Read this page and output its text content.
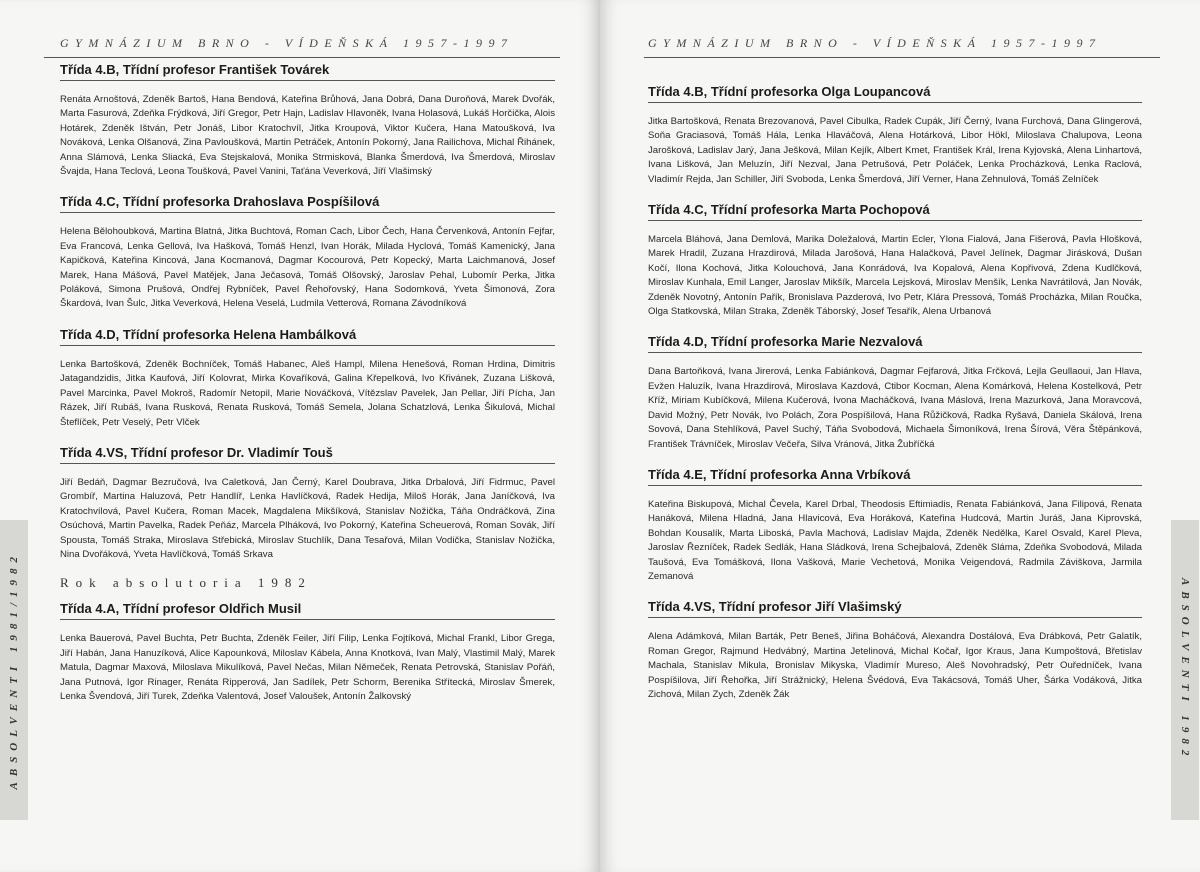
GYMNÁZIUM BRNO - VÍDEŇSKÁ 1957-1997
ABSOLVENTI 1981/1982
Třída 4.B, Třídní profesor František Továrek
Renáta Arnoštová, Zdeněk Bartoš, Hana Bendová, Kateřina Brůhová, Jana Dobrá, Dana Duroňová, Marek Dvořák, Marta Fasurová, Zdeňka Frýdková, Jiří Gregor, Petr Hajn, Ladislav Hlavoněk, Ivana Holasová, Lukáš Horčička, Alois Hotárek, Zdeněk Ištván, Petr Jonáš, Libor Kratochvíl, Jitka Kroupová, Viktor Kučera, Hana Matoušková, Iva Nováková, Lenka Olšanová, Zina Pavloušková, Martin Petráček, Antonín Pokorný, Jana Railichova, Michal Řihánek, Anna Slámová, Lenka Sliacká, Eva Stejskalová, Monika Strmisková, Blanka Šmerdová, Iva Šmerdová, Miroslav Švajda, Hana Teclová, Leona Toušková, Pavel Vanini, Taťána Veverková, Jiří Vlašimský
Třída 4.C, Třídní profesorka Drahoslava Pospíšilová
Helena Bělohoubková, Martina Blatná, Jitka Buchtová, Roman Cach, Libor Čech, Hana Červenková, Antonín Fejfar, Eva Francová, Lenka Gellová, Iva Hašková, Tomáš Henzl, Ivan Horák, Milada Hyclová, Tomáš Kamenický, Jana Kapičková, Kateřina Kincová, Jana Kocmanová, Dagmar Kocourová, Petr Kopecký, Marta Laichmanová, Josef Marek, Hana Mášová, Pavel Matějek, Jana Ječasová, Tomáš Olšovský, Jaroslav Pehal, Lubomír Perka, Jitka Poláková, Simona Prušová, Ondřej Rybníček, Pavel Řehořovský, Hana Sodomková, Yveta Šimonová, Zora Škardová, Ivan Šulc, Jitka Veverková, Helena Veselá, Ludmila Vetterová, Romana Závodníková
Třída 4.D, Třídní profesorka Helena Hambálková
Lenka Bartošková, Zdeněk Bochníček, Tomáš Habanec, Aleš Hampl, Milena Henešová, Roman Hrdina, Dimitris Jatagandzidis, Jitka Kaufová, Jiří Kolovrat, Mirka Kovaříková, Galina Křepelková, Ivo Křivánek, Zuzana Lišková, Pavel Marcinka, Pavel Mokroš, Radomír Netopil, Marie Nováčková, Vítězslav Pavelek, Jan Pellar, Jiří Pícha, Jan Rázek, Jiří Rubáš, Ivana Rusková, Renata Rusková, Tomáš Semela, Jolana Schatzlová, Lenka Šikulová, Michal Šteflíček, Petr Veselý, Petr Vlček
Třída 4.VS, Třídní profesor Dr. Vladimír Touš
Jiří Bedáň, Dagmar Bezručová, Iva Caletková, Jan Černý, Karel Doubrava, Jitka Drbalová, Jiří Fidrmuc, Pavel Grombíř, Martina Haluzová, Petr Handlíř, Lenka Havlíčková, Radek Hedija, Miloš Horák, Jana Janíčková, Iva Kratochvílová, Pavel Kučera, Roman Macek, Magdalena Mikšíková, Stanislav Nožička, Táňa Ondráčková, Zina Osúchová, Martin Pavelka, Radek Peňáz, Marcela Plháková, Ivo Pokorný, Kateřina Scheuerová, Roman Sovák, Jiří Spousta, Tomáš Straka, Miroslava Střebická, Miroslav Stuchlík, Dana Tesařová, Milan Vodička, Stanislav Nožička, Nina Dvořáková, Yveta Havlíčková, Tomáš Srkava
Rok absolutoria 1982
Třída 4.A, Třídní profesor Oldřich Musil
Lenka Bauerová, Pavel Buchta, Petr Buchta, Zdeněk Feiler, Jiří Filip, Lenka Fojtíková, Michal Frankl, Libor Grega, Jiří Habán, Jana Hanuzíková, Alice Kapounková, Miloslav Kábela, Anna Knotková, Ivan Malý, Vlastimil Malý, Marek Matula, Dagmar Maxová, Miloslava Mikulíková, Pavel Nečas, Milan Němeček, Renata Petrovská, Stanislav Pořáň, Jana Putnová, Igor Rinager, Renáta Ripperová, Jan Sadílek, Petr Schorm, Berenika Střítecká, Miroslav Šmerek, Lenka Švendová, Jiří Turek, Zdeňka Valentová, Josef Valoušek, Antonín Žalkovský
GYMNÁZIUM BRNO - VÍDEŇSKÁ 1957-1997
ABSOLVENTI 1982
Třída 4.B, Třídní profesorka Olga Loupancová
Jitka Bartošková, Renata Brezovanová, Pavel Cibulka, Radek Cupák, Jiří Černý, Ivana Furchová, Dana Glingerová, Soňa Graciasová, Tomáš Hála, Lenka Hlaváčová, Alena Hotárková, Libor Hökl, Miloslava Chalupova, Leona Jarošková, Ladislav Jarý, Jana Ješková, Milan Kejík, Albert Kmet, František Král, Irena Kyjovská, Alena Linhartová, Ivana Lišková, Jan Meluzín, Jiří Nezval, Jana Petrušová, Petr Poláček, Lenka Procházková, Lenka Raclová, Vladimír Rejda, Jan Schiller, Jiří Svoboda, Lenka Šmerdová, Jiří Verner, Hana Zehnulová, Tomáš Zelníček
Třída 4.C, Třídní profesorka Marta Pochopová
Marcela Bláhová, Jana Demlová, Marika Doležalová, Martin Ecler, Ylona Fialová, Jana Fišerová, Pavla Hlošková, Marek Hradil, Zuzana Hrazdirová, Milada Jarošová, Hana Halačková, Pavel Jelínek, Dagmar Jirásková, Dušan Kočí, Ilona Kochová, Jitka Kolouchová, Jana Konrádová, Iva Kopalová, Alena Kopřivová, Zdena Kudlčková, Miroslav Kunhala, Emil Langer, Jaroslav Mikšík, Marcela Lejsková, Miroslav Menšík, Lenka Navrátilová, Jan Novák, Zdeněk Novotný, Antonín Pařík, Bronislava Pazderová, Ivo Petr, Klára Pressová, Tomáš Procházka, Milan Roučka, Olga Statkovská, Milan Straka, Zdeněk Táborský, Josef Tesařík, Alena Urbanová
Třída 4.D, Třídní profesorka Marie Nezvalová
Dana Bartoňková, Ivana Jirerová, Lenka Fabiánková, Dagmar Fejfarová, Jitka Frčková, Lejla Geullaoui, Jan Hlava, Evžen Haluzík, Ivana Hrazdirová, Miroslava Kazdová, Ctibor Kocman, Alena Komárková, Helena Kostelková, Petr Kříž, Miriam Kubíčková, Milena Kučerová, Ivona Macháčková, Ivana Máslová, Irena Mazurková, Jana Moravcová, David Možný, Petr Novák, Ivo Polách, Zora Pospíšilová, Hana Růžičková, Radka Ryšavá, Daniela Skálová, Irena Sovová, Dana Stehlíková, Pavel Suchý, Táňa Svobodová, Michaela Šimoníková, Irena Šírová, Věra Štěpánková, František Trávníček, Miroslav Večeřa, Silva Vránová, Jitka Žubříčká
Třída 4.E, Třídní profesorka Anna Vrbíková
Kateřina Biskupová, Michal Čevela, Karel Drbal, Theodosis Eftimiadis, Renata Fabiánková, Jana Filipová, Renata Hanáková, Milena Hladná, Jana Hlavicová, Eva Horáková, Kateřina Hudcová, Martin Juráš, Jana Kiprovská, Bohdan Kousalík, Marta Liboská, Pavla Machová, Ladislav Majda, Zdeněk Nedělka, Karel Osvald, Karel Pleva, Jaroslav Řezníček, Radek Sedlák, Hana Sládková, Irena Schejbalová, Zdeněk Sláma, Zdeňka Svobodová, Milada Taušová, Eva Tomášková, Ilona Vašková, Marie Vechetová, Monika Veigendová, Radmila Záviškova, Jarmila Zemanová
Třída 4.VS, Třídní profesor Jiří Vlašimský
Alena Adámková, Milan Barták, Petr Beneš, Jiřina Boháčová, Alexandra Dostálová, Eva Drábková, Petr Galatík, Roman Gregor, Rajmund Hedvábný, Martina Jetelinová, Michal Kočař, Igor Kraus, Jana Kumpoštová, Břetislav Machala, Stanislav Mikula, Bronislav Mikyska, Vladimír Mureso, Aleš Novohradský, Petr Ouředníček, Ivana Pospíšilova, Jiří Řehořka, Jiří Strážnický, Helena Švédová, Eva Takácsová, Tomáš Uher, Šárka Vodáková, Jitka Zichová, Milan Zych, Zdeněk Žák
